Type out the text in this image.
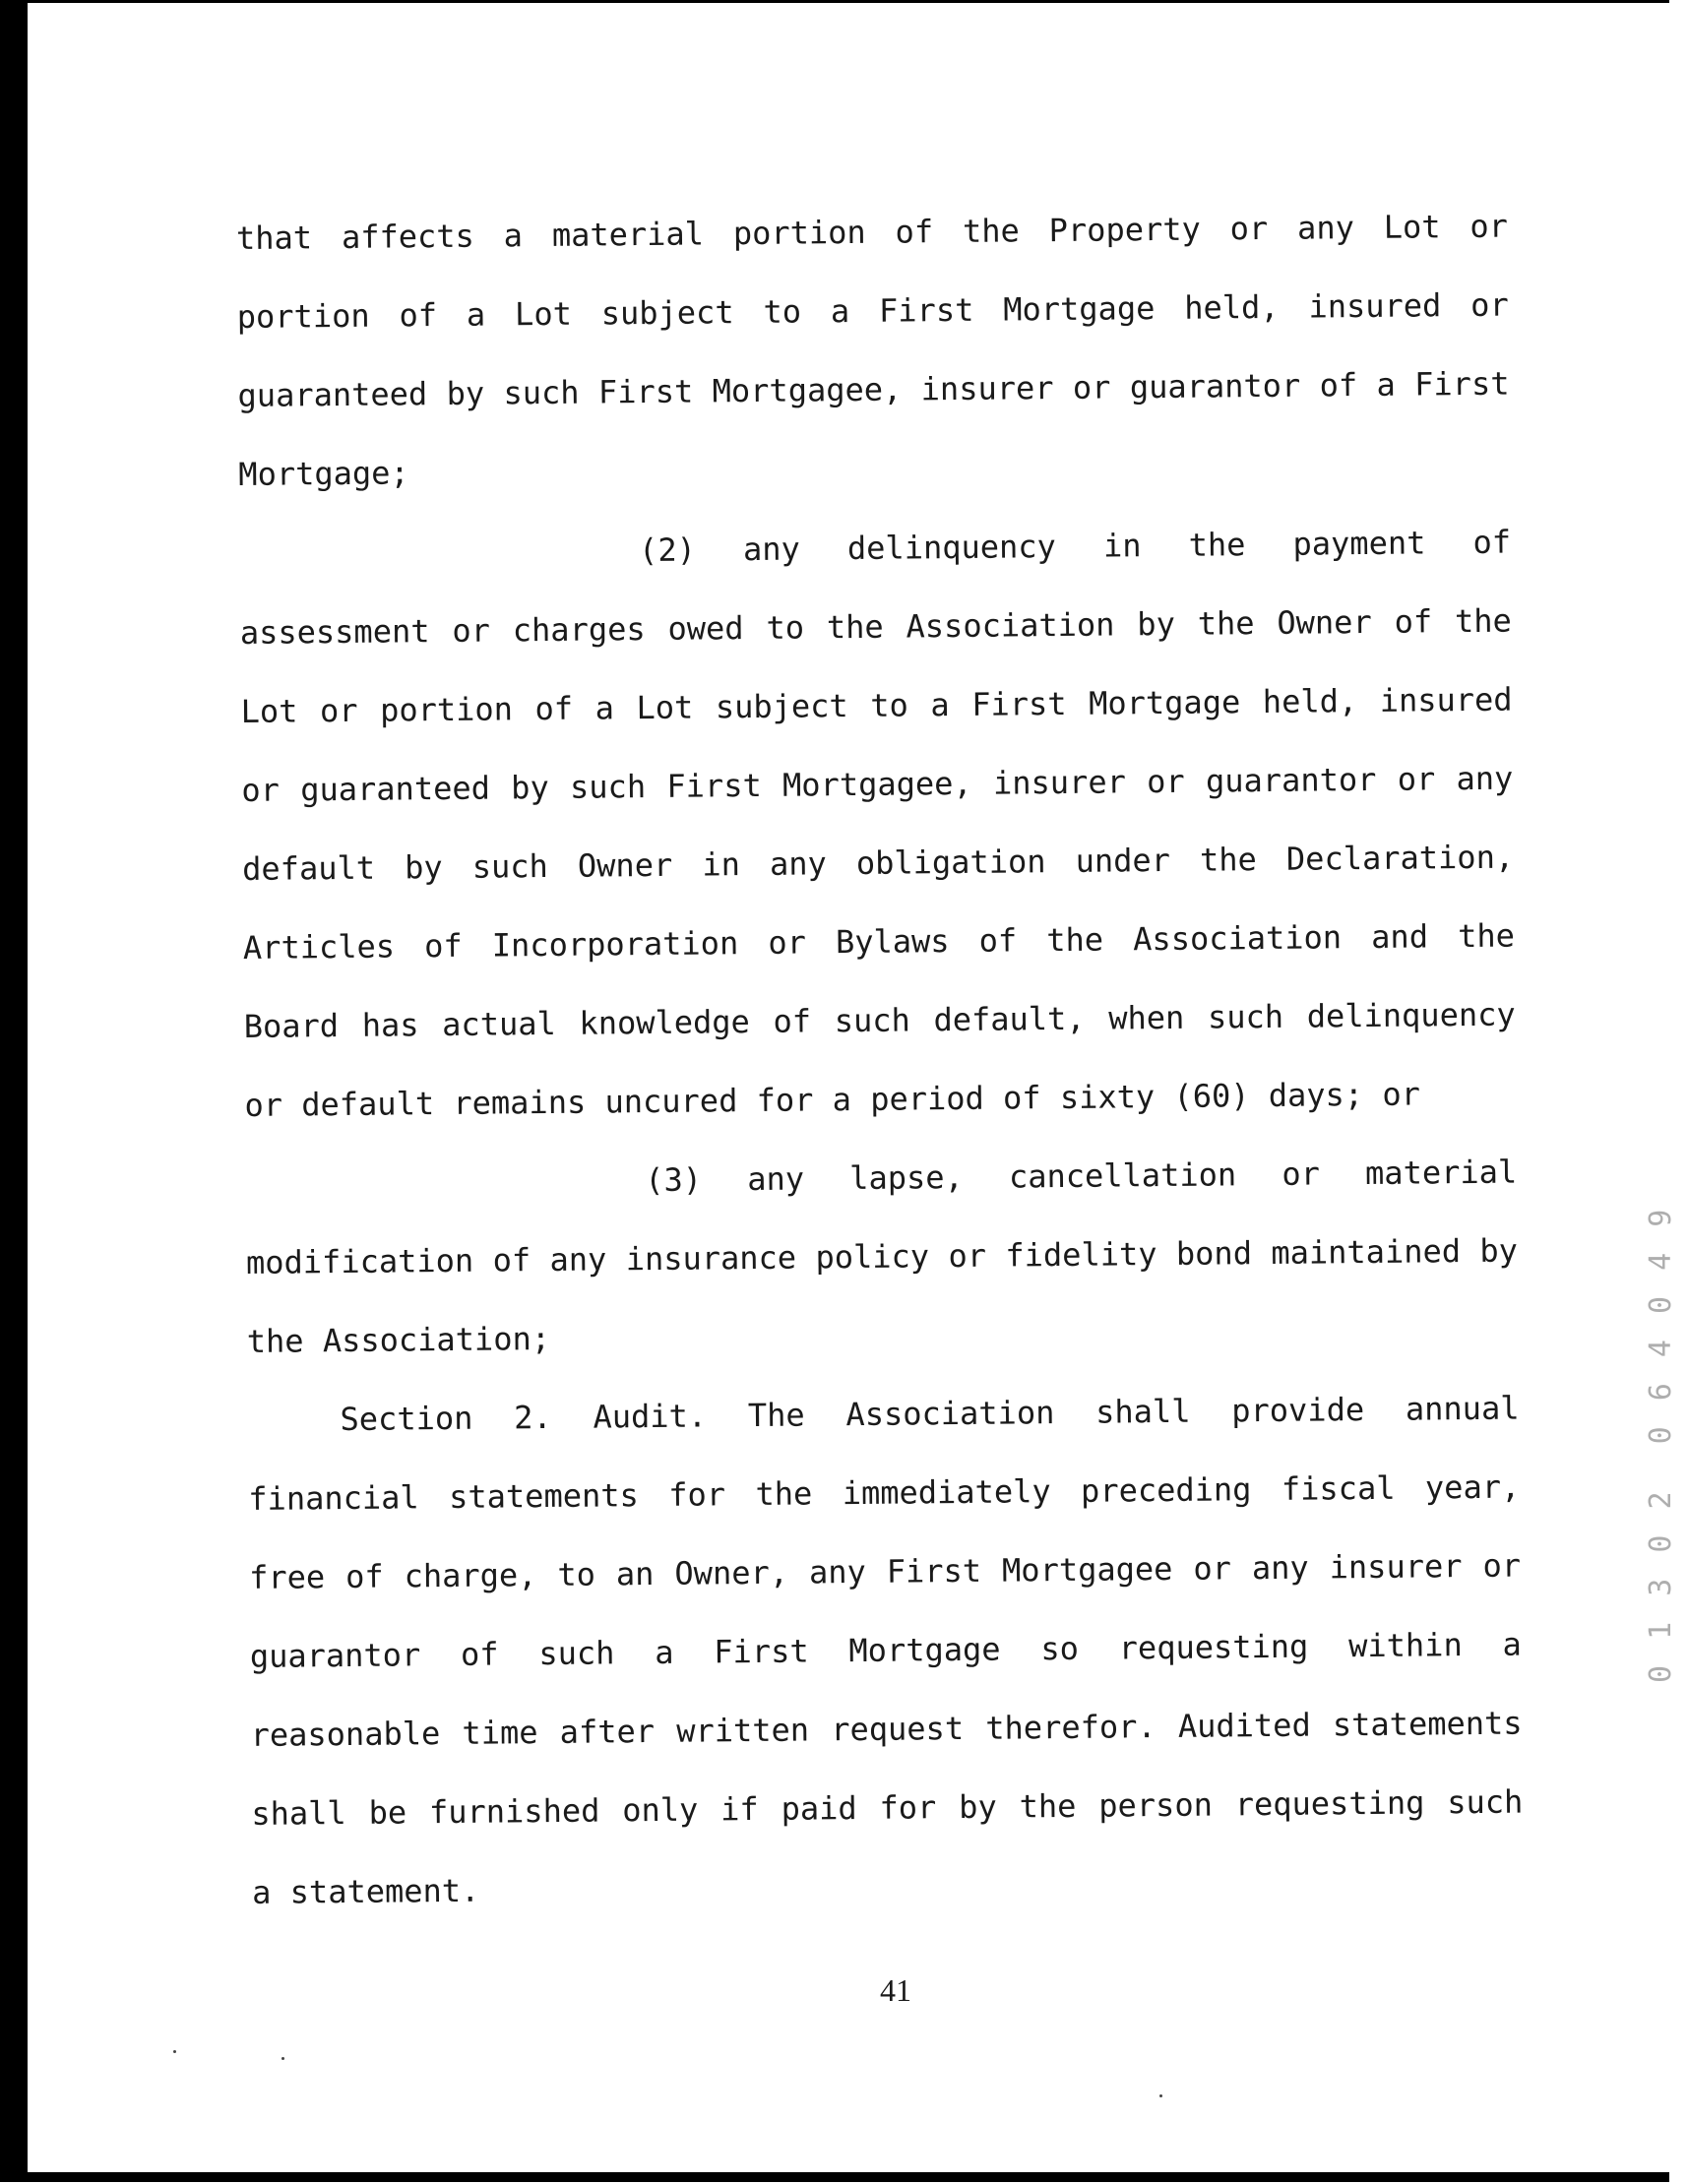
that affects a material portion of the Property or any Lot or
portion of a Lot subject to a First Mortgage held, insured or
guaranteed by such First Mortgagee, insurer or guarantor of a First
Mortgage;
(2) any delinquency in the payment of
assessment or charges owed to the Association by the Owner of the
Lot or portion of a Lot subject to a First Mortgage held, insured
or guaranteed by such First Mortgagee, insurer or guarantor or any
default by such Owner in any obligation under the Declaration,
Articles of Incorporation or Bylaws of the Association and the
Board has actual knowledge of such default, when such delinquency
or default remains uncured for a period of sixty (60) days; or
(3) any lapse, cancellation or material
modification of any insurance policy or fidelity bond maintained by
the Association;
Section 2. Audit. The Association shall provide annual
financial statements for the immediately preceding fiscal year,
free of charge, to an Owner, any First Mortgagee or any insurer or
guarantor of such a First Mortgage so requesting within a
reasonable time after written request therefor. Audited statements
shall be furnished only if paid for by the person requesting such
a statement.
41
0 1 3 0 2  0 6 4 0 4 9
